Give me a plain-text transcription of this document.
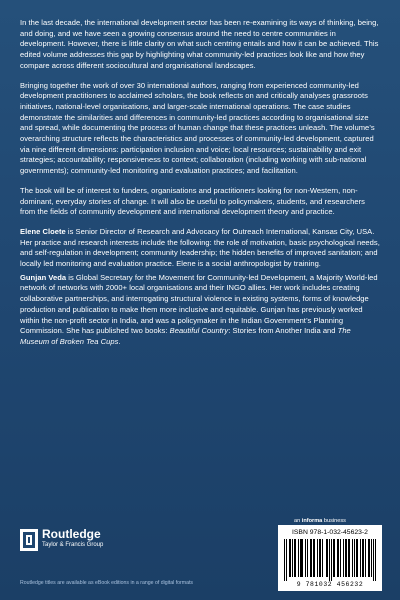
In the last decade, the international development sector has been re-examining its ways of thinking, being, and doing, and we have seen a growing consensus around the need to centre communities in development. However, there is little clarity on what such centring entails and how it can be achieved. This edited volume addresses this gap by highlighting what community-led practices look like and how they compare across different sociocultural and organisational landscapes.

Bringing together the work of over 30 international authors, ranging from experienced community-led development practitioners to acclaimed scholars, the book reflects on and critically analyses grassroots initiatives, national-level organisations, and larger-scale international operations. The case studies demonstrate the similarities and differences in community-led practices according to organisational size and spread, while documenting the process of human change that these practices unleash. The volume’s overarching structure reflects the characteristics and processes of community-led development, captured via nine different dimensions: participation inclusion and voice; local resources; sustainability and exit strategies; accountability; responsiveness to context; collaboration (including working with sub-national governments); community-led monitoring and evaluation practices; and facilitation.

The book will be of interest to funders, organisations and practitioners looking for non-Western, non-dominant, everyday stories of change. It will also be useful to policymakers, students, and researchers from the fields of community development and international development theory and practice.

Elene Cloete is Senior Director of Research and Advocacy for Outreach International, Kansas City, USA. Her practice and research interests include the following: the role of motivation, basic psychological needs, and self-regulation in development; community leadership; the hidden benefits of improved sanitation; and locally led monitoring and evaluation practice. Elene is a social anthropologist by training.

Gunjan Veda is Global Secretary for the Movement for Community-led Development, a Majority World-led network of networks with 2000+ local organisations and their INGO allies. Her work includes creating collaborative partnerships, and interrogating structural violence in existing systems, forms of knowledge production and publication to make them more inclusive and equitable. Gunjan has previously worked within the non-profit sector in India, and was a policymaker in the Indian Government’s Planning Commission. She has published two books: Beautiful Country: Stories from Another India and The Museum of Broken Tea Cups.

Routledge
Taylor & Francis Group
an informa business
ISBN 978-1-032-45623-2
9 781032 456232
Routledge titles are available as eBook editions in a range of digital formats
